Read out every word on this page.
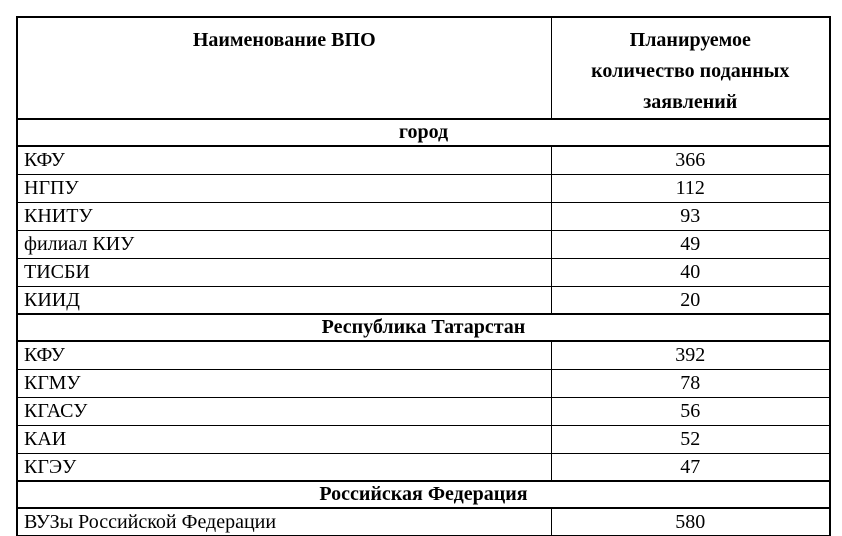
Наименование ВПО	Планируемое
количество поданных
заявлений

город	
КФУ	366
НГПУ	112
КНИТУ	93
филиал КИУ	49
ТИСБИ	40
КИИД	20
Республика Татарстан	
КФУ	392
КГМУ	78
КГАСУ	56
КАИ	52
КГЭУ	47
Российская Федерация	
ВУЗы Российской Федерации	580
